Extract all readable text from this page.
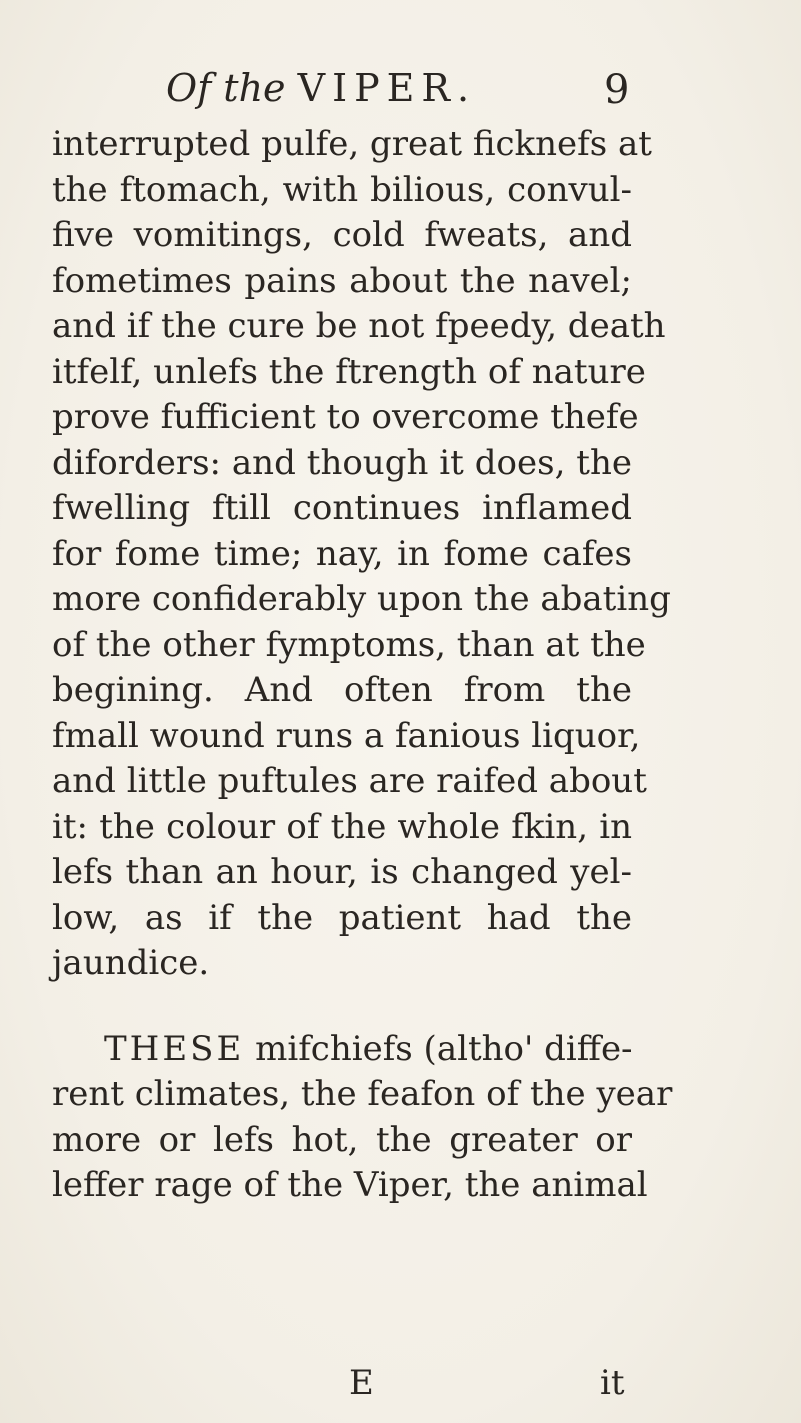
Of the VIPER.	9
interrupted pulfe, great ficknefs at
the ftomach, with bilious, convul-
five vomitings, cold fweats, and
fometimes pains about the navel;
and if the cure be not fpeedy, death
itfelf, unlefs the ftrength of nature
prove fufficient to overcome thefe
diforders: and though it does, the
fwelling ftill continues inflamed
for fome time; nay, in fome cafes
more confiderably upon the abating
of the other fymptoms, than at the
begining. And often from the
fmall wound runs a fanious liquor,
and little puftules are raifed about
it: the colour of the whole fkin, in
lefs than an hour, is changed yel-
low, as if the patient had the
jaundice.
THESE mifchiefs (altho' diffe-
rent climates, the feafon of the year
more or lefs hot, the greater or
leffer rage of the Viper, the animal
E	it
